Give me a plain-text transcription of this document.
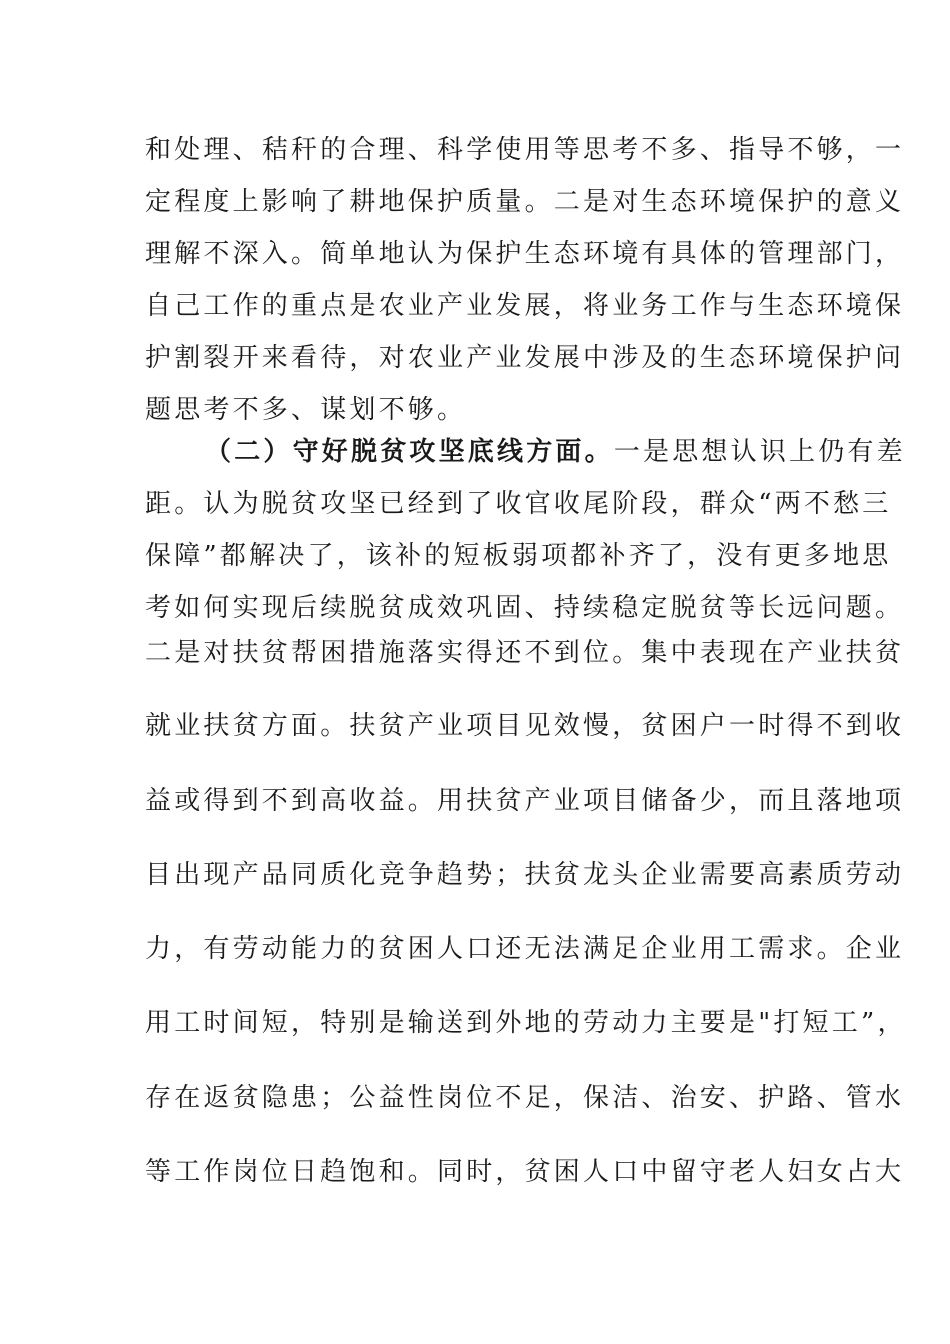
和处理、秸秆的合理、科学使用等思考不多、指导不够，一
定程度上影响了耕地保护质量。二是对生态环境保护的意义
理解不深入。简单地认为保护生态环境有具体的管理部门，
自己工作的重点是农业产业发展，将业务工作与生态环境保
护割裂开来看待，对农业产业发展中涉及的生态环境保护问
题思考不多、谋划不够。
（二）守好脱贫攻坚底线方面。一是思想认识上仍有差
距。认为脱贫攻坚已经到了收官收尾阶段，群众“两不愁三
保障”都解决了，该补的短板弱项都补齐了，没有更多地思
考如何实现后续脱贫成效巩固、持续稳定脱贫等长远问题。
二是对扶贫帮困措施落实得还不到位。集中表现在产业扶贫
就业扶贫方面。扶贫产业项目见效慢，贫困户一时得不到收
益或得到不到高收益。用扶贫产业项目储备少，而且落地项
目出现产品同质化竞争趋势；扶贫龙头企业需要高素质劳动
力，有劳动能力的贫困人口还无法满足企业用工需求。企业
用工时间短，特别是输送到外地的劳动力主要是"打短工”，
存在返贫隐患；公益性岗位不足，保洁、治安、护路、管水
等工作岗位日趋饱和。同时，贫困人口中留守老人妇女占大
